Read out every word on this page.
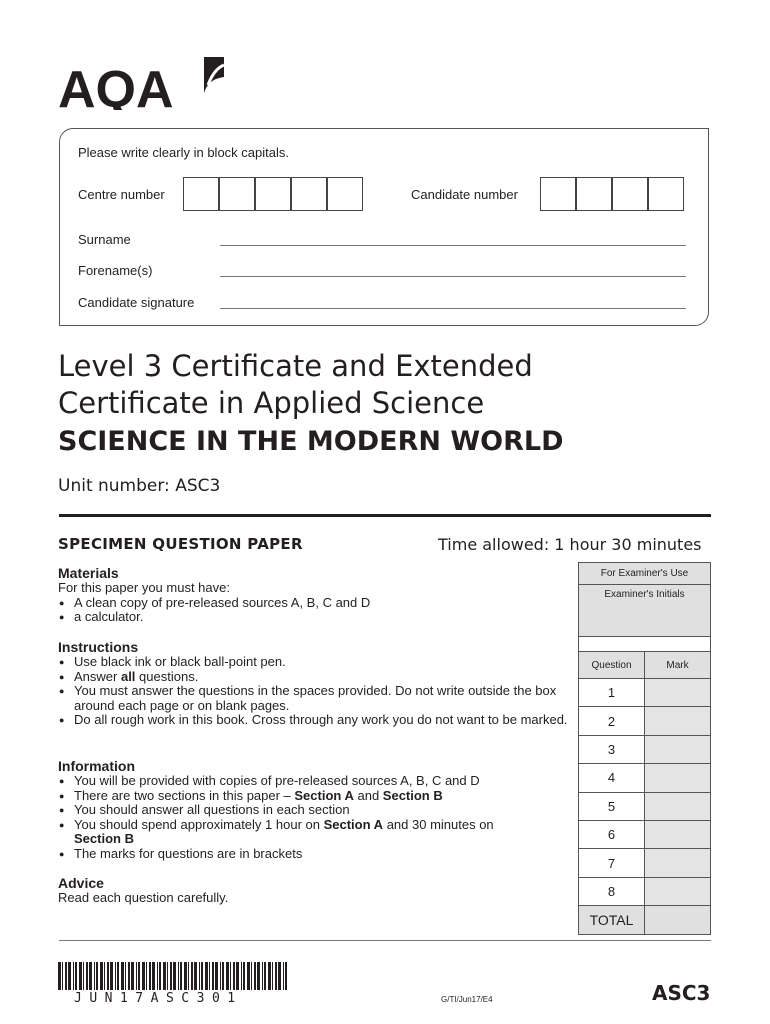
AQA
Please write clearly in block capitals.
Centre number	Candidate number
Surname
Forename(s)
Candidate signature
Level 3 Certificate and Extended
Certificate in Applied Science
SCIENCE IN THE MODERN WORLD
Unit number: ASC3
SPECIMEN QUESTION PAPER	Time allowed: 1 hour 30 minutes
Materials
For this paper you must have:
● A clean copy of pre-released sources A, B, C and D
● a calculator.
Instructions
● Use black ink or black ball-point pen.
● Answer all questions.
● You must answer the questions in the spaces provided. Do not write outside the box around each page or on blank pages.
● Do all rough work in this book. Cross through any work you do not want to be marked.
Information
● You will be provided with copies of pre-released sources A, B, C and D
● There are two sections in this paper – Section A and Section B
● You should answer all questions in each section
● You should spend approximately 1 hour on Section A and 30 minutes on
Section B
● The marks for questions are in brackets
Advice
Read each question carefully.
For Examiner's Use
Examiner's Initials
Question	Mark
1	
2	
3	
4	
5	
6	
7	
8	
TOTAL	
JUN17ASC301	G/TI/Jun17/E4	ASC3
